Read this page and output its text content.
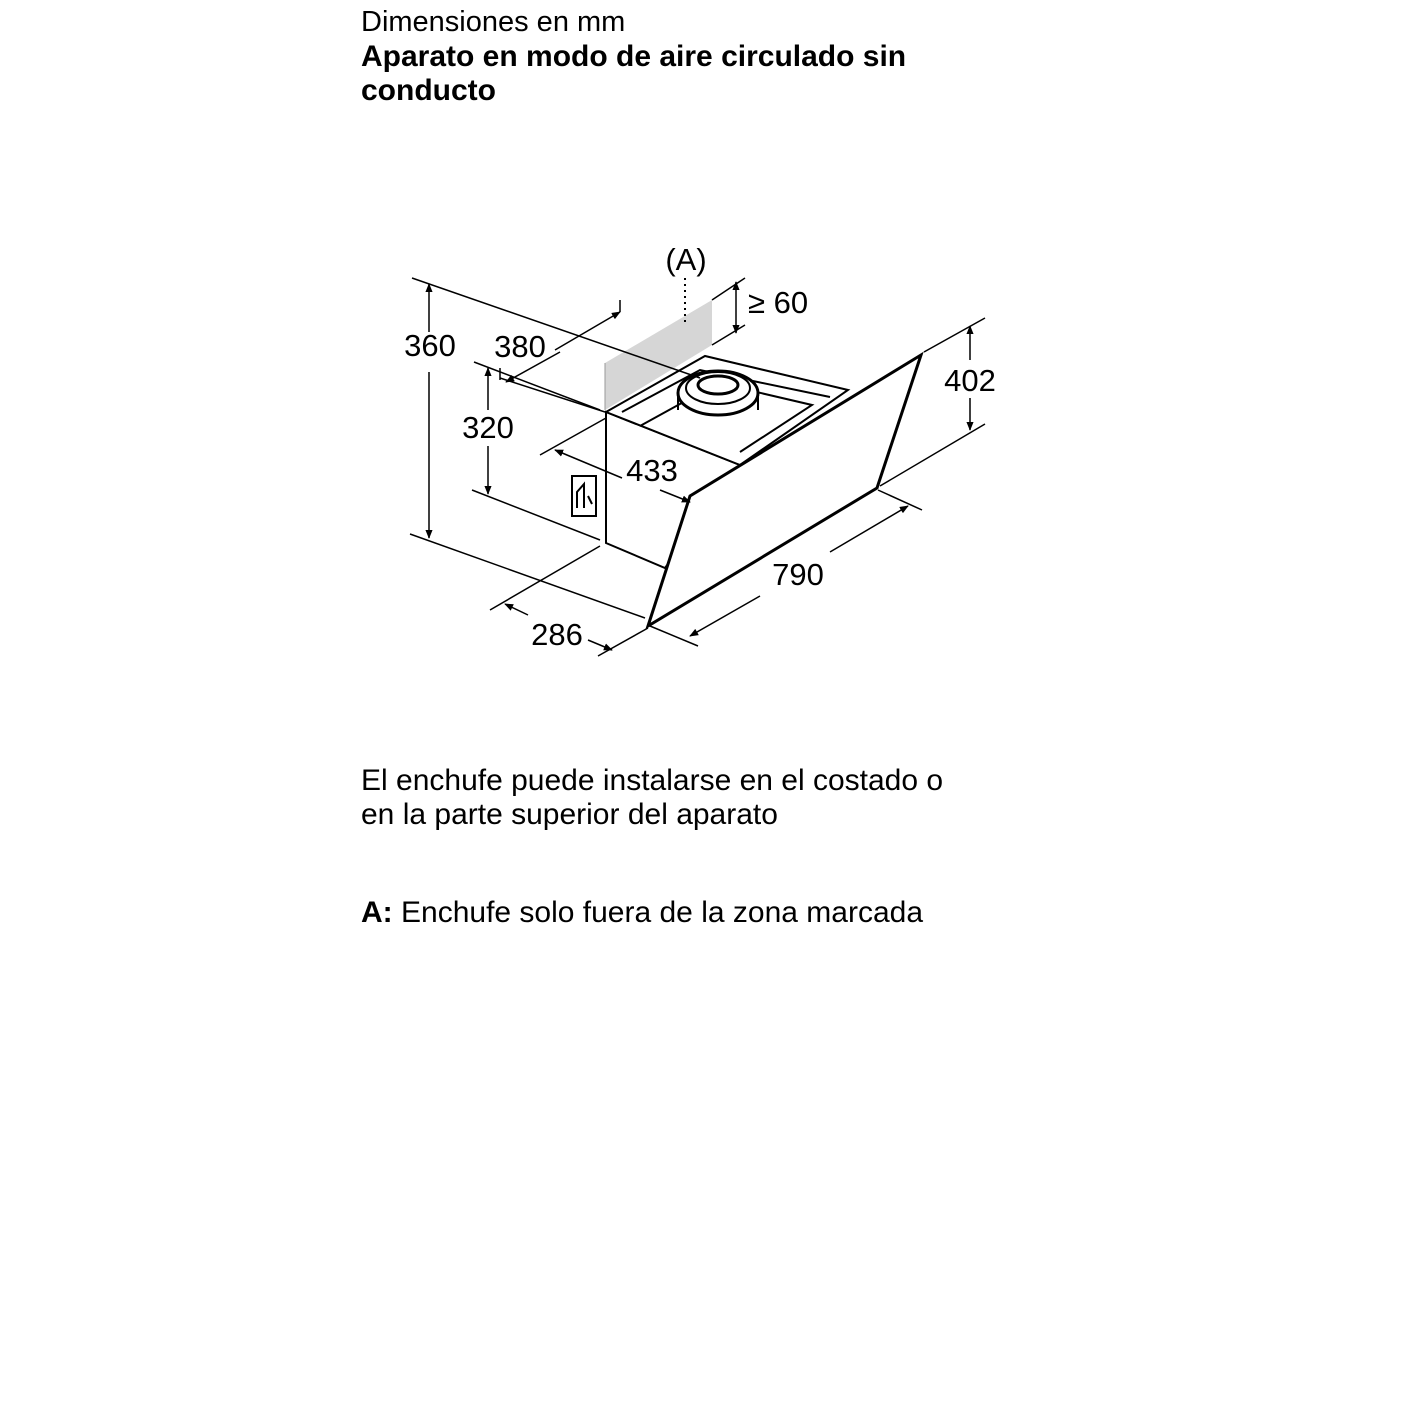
Dimensiones en mm
Aparato en modo de aire circulado sin
conducto
(A)
≥ 60
360 380
320
433
402
790
286
El enchufe puede instalarse en el costado o
en la parte superior del aparato
A: Enchufe solo fuera de la zona marcada
